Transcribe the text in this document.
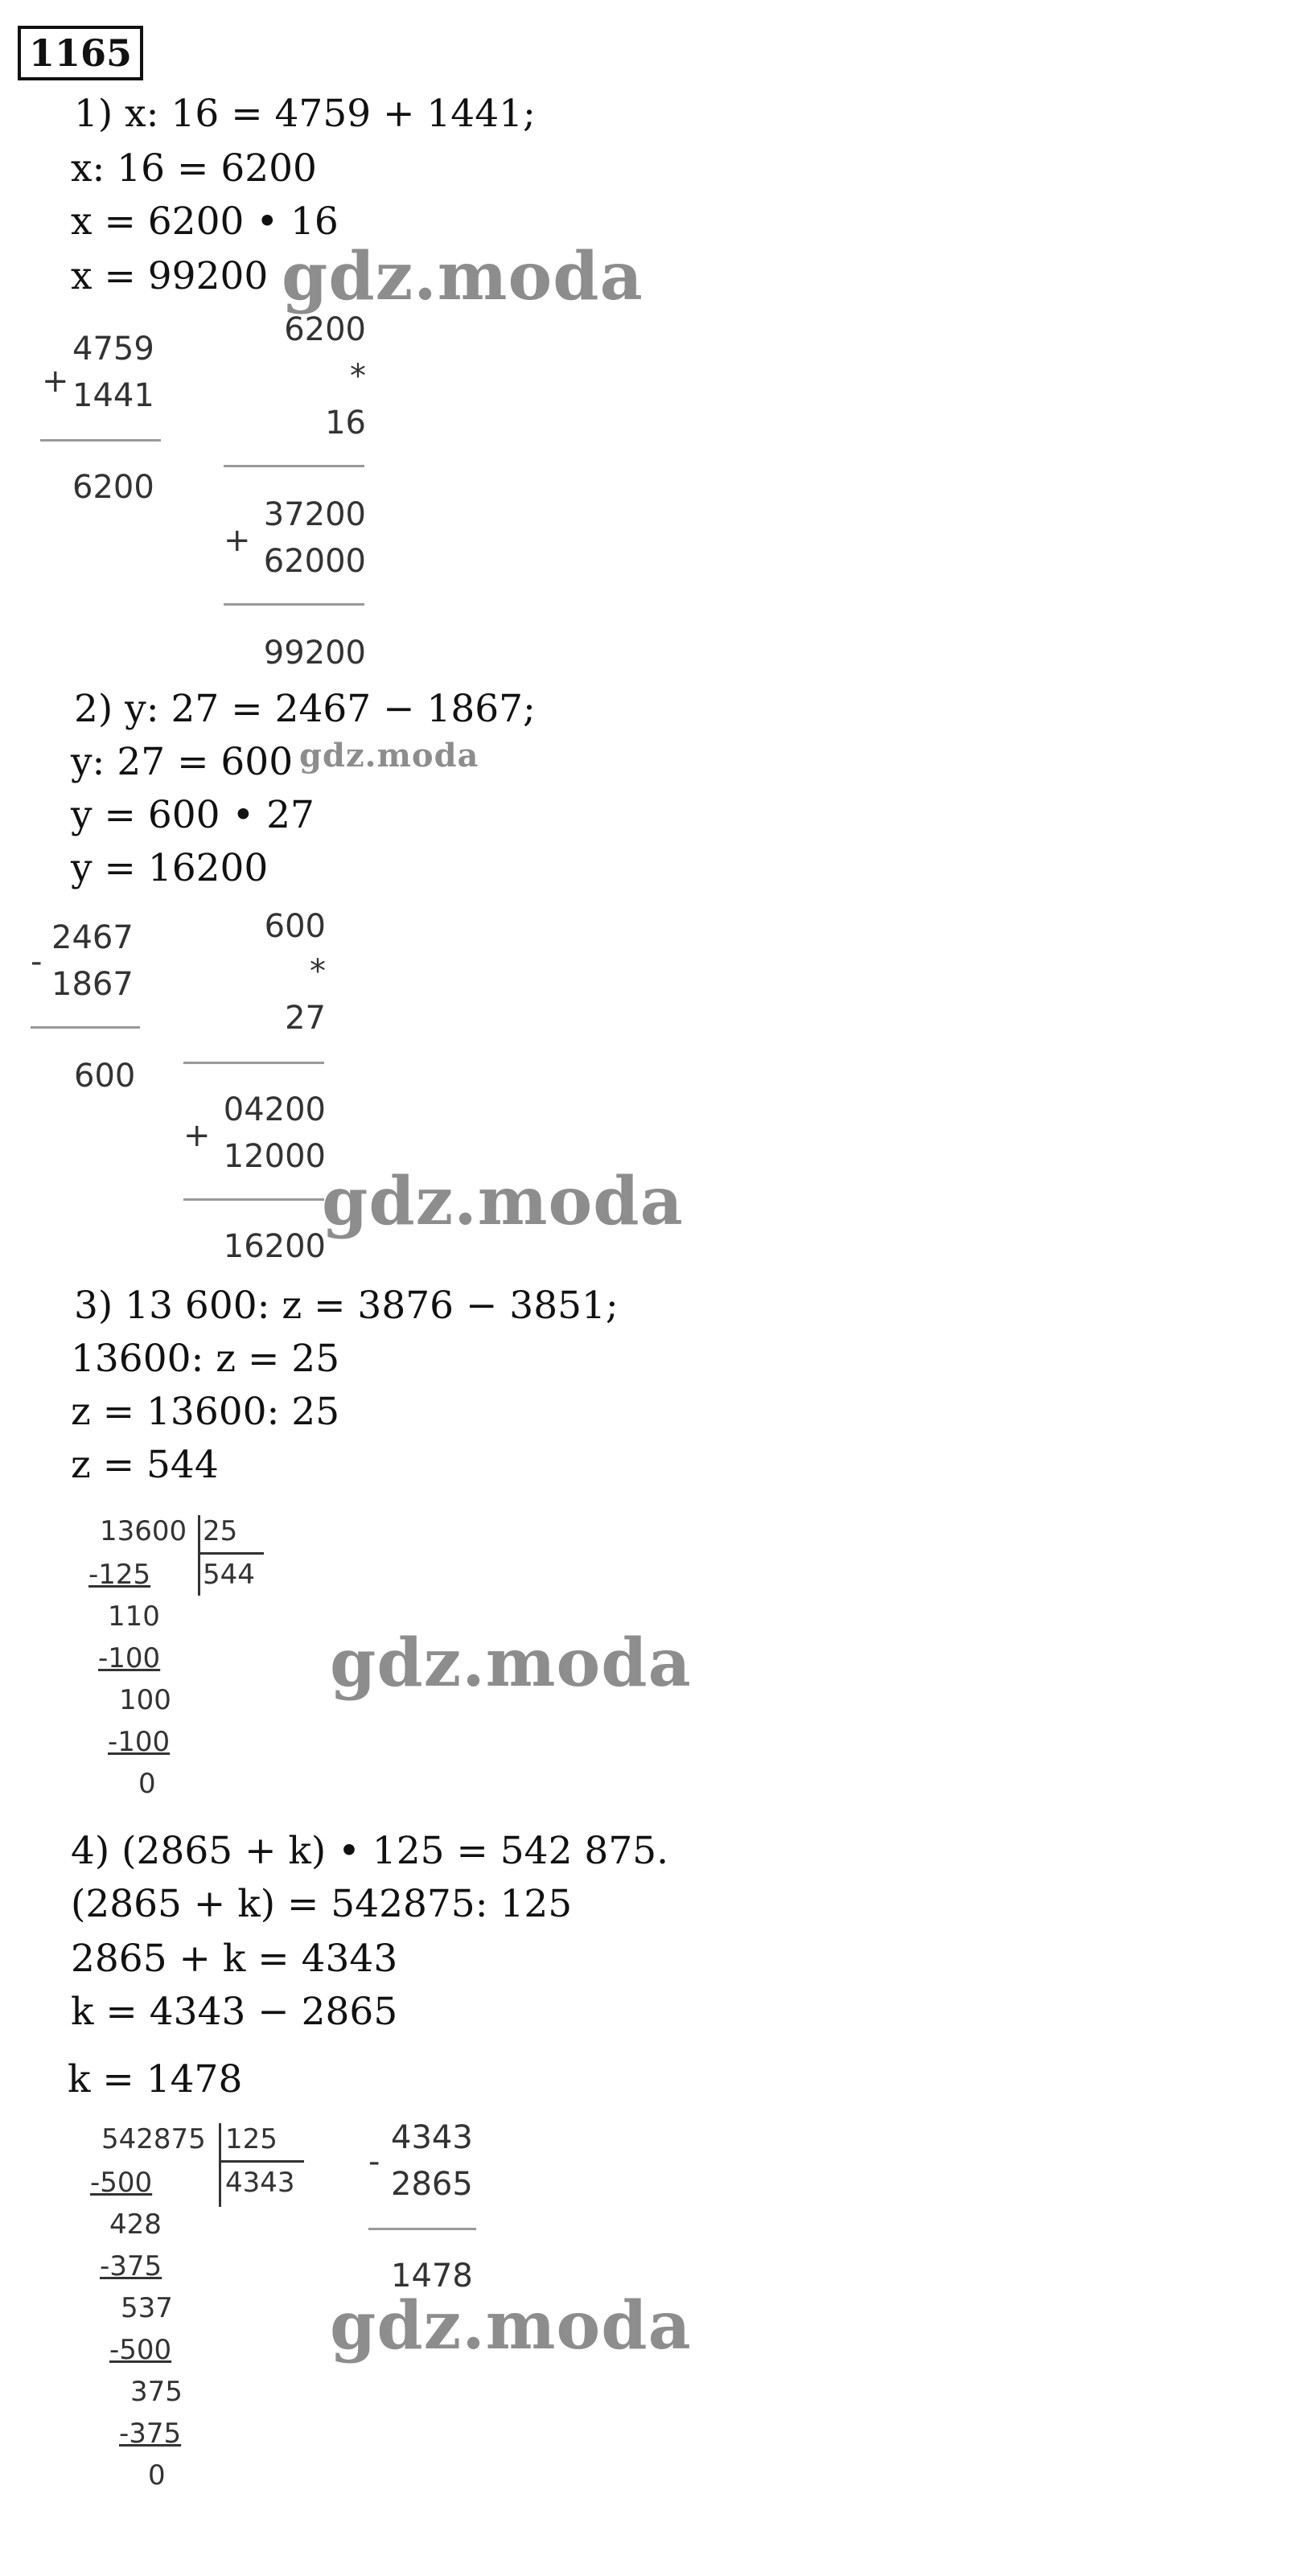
1165
1) x: 16 = 4759 + 1441;
x: 16 = 6200
x = 6200 • 16
x = 99200 gdz.moda
4759
+ 1441
6200
6200
*
16
37200
+
62000
99200
2) y: 27 = 2467 − 1867;
y: 27 = 600 gdz.moda
y = 600 • 27
y = 16200
2467
-
1867
600
600
*
27
04200
+
12000
16200
gdz.moda
3) 13 600: z = 3876 − 3851;
13600: z = 25
z = 13600: 25
z = 544
13600 25
544
-125
110
-100
100
-100
0
gdz.moda
4) (2865 + k) • 125 = 542 875.
(2865 + k) = 542875: 125
2865 + k = 4343
k = 4343 − 2865
k = 1478
542875 125
4343
-500
428
-375
537
-500
375
-375
0
4343
-
2865
1478
gdz.moda
